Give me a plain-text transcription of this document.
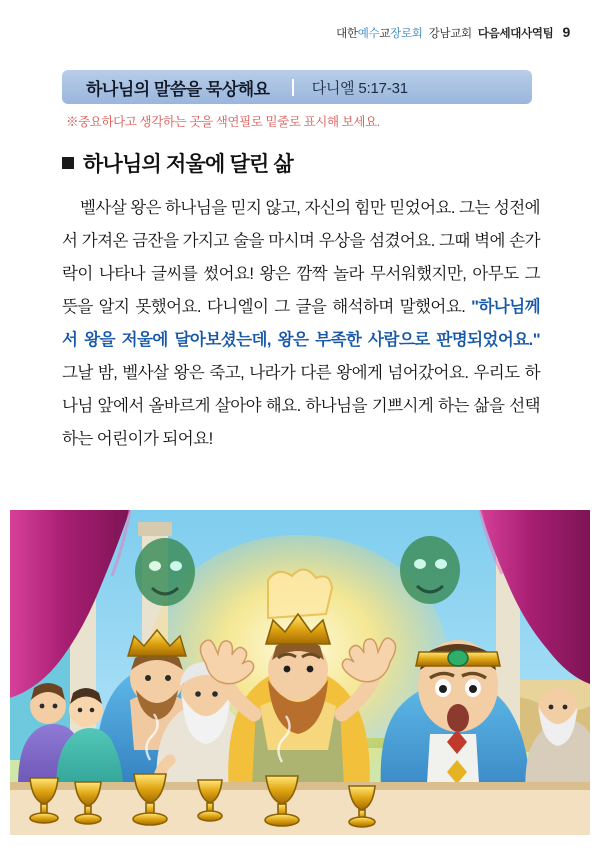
대한예수교장로회 강남교회 다음세대사역팀 9
하나님의 말씀을 묵상해요	다니엘 5:17-31
※중요하다고 생각하는 곳을 색연필로 밑줄로 표시해 보세요.
하나님의 저울에 달린 삶
벨사살 왕은 하나님을 믿지 않고, 자신의 힘만 믿었어요. 그는 성전에서 가져온 금잔을 가지고 술을 마시며 우상을 섬겼어요. 그때 벽에 손가락이 나타나 글씨를 썼어요! 왕은 깜짝 놀라 무서워했지만, 아무도 그 뜻을 알지 못했어요. 다니엘이 그 글을 해석하며 말했어요. "하나님께서 왕을 저울에 달아보셨는데, 왕은 부족한 사람으로 판명되었어요." 그날 밤, 벨사살 왕은 죽고, 나라가 다른 왕에게 넘어갔어요. 우리도 하나님 앞에서 올바르게 살아야 해요. 하나님을 기쁘시게 하는 삶을 선택하는 어린이가 되어요!
